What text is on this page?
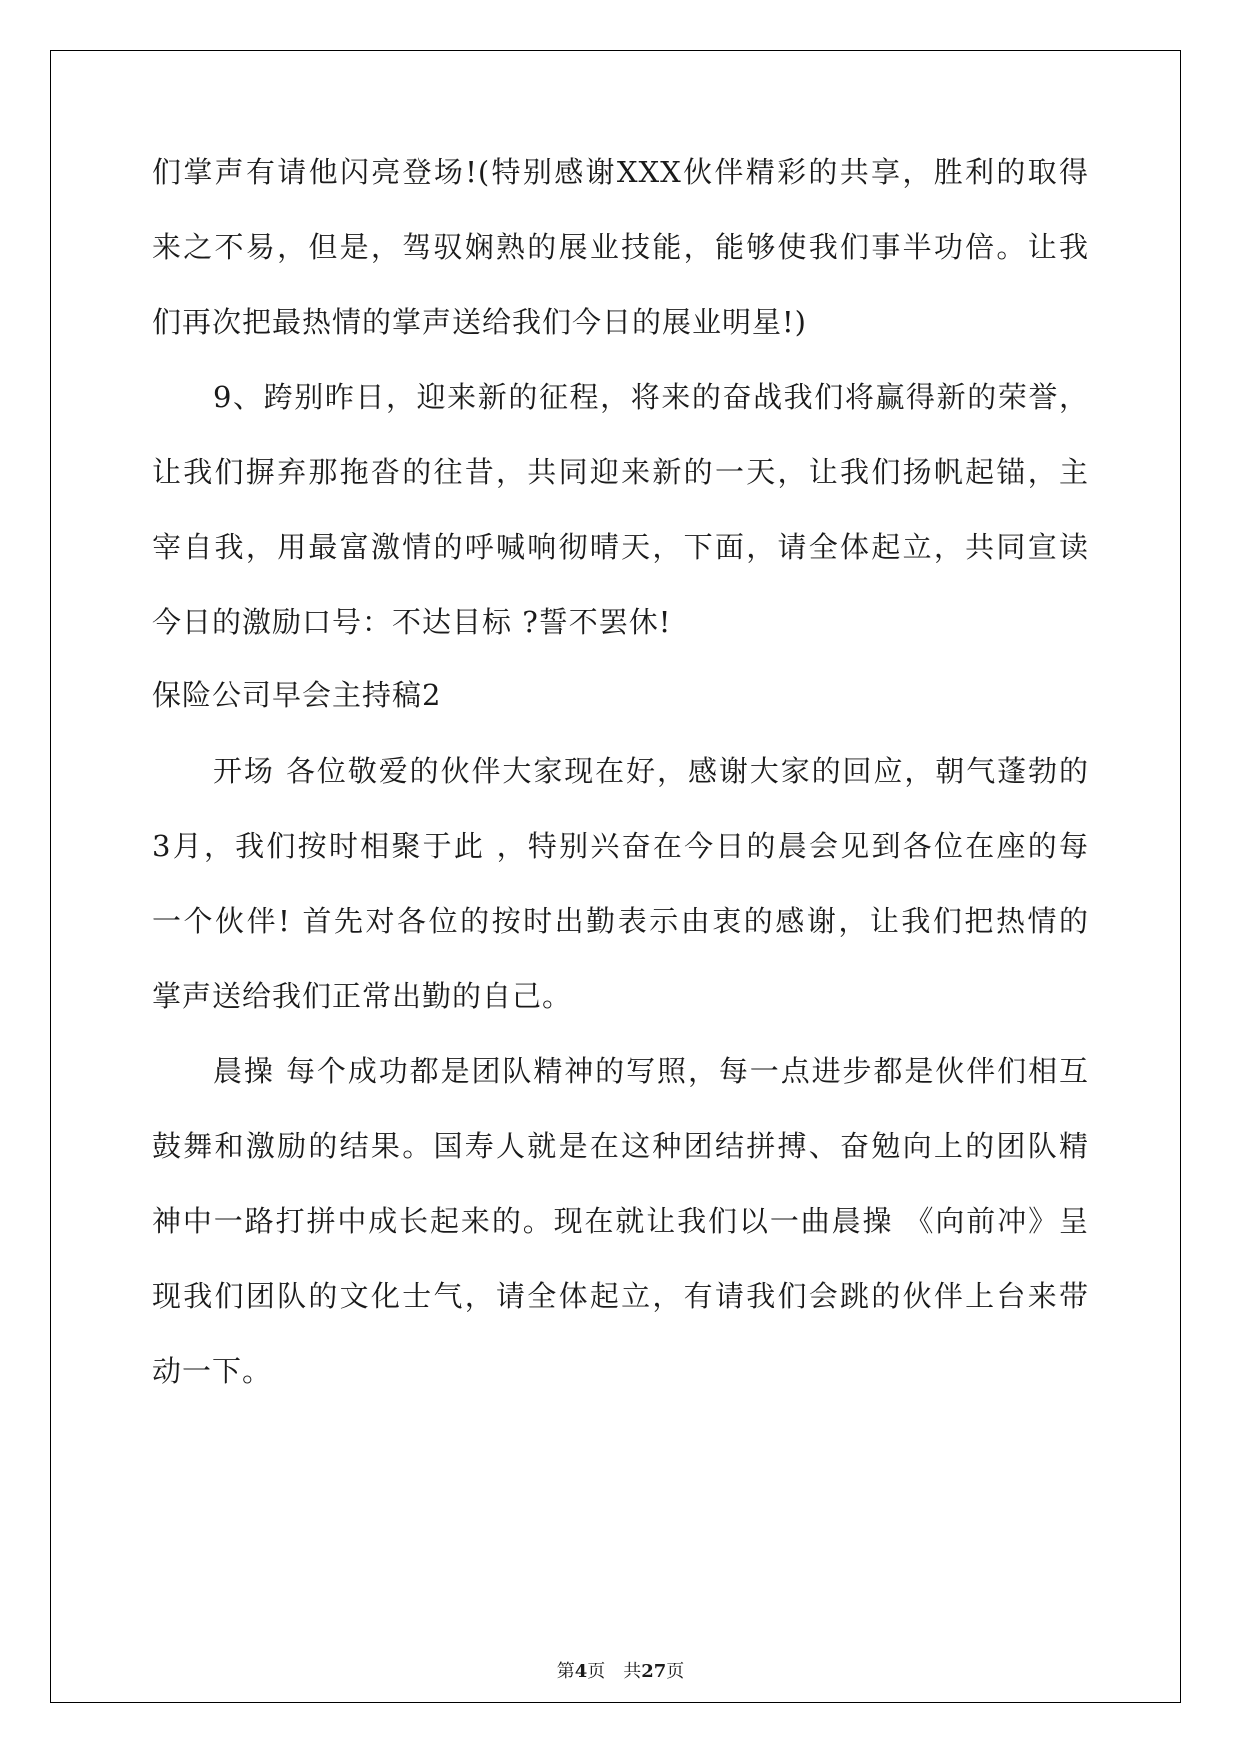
们掌声有请他闪亮登场!(特别感谢XXX伙伴精彩的共享，胜利的取得
来之不易，但是，驾驭娴熟的展业技能，能够使我们事半功倍。让我
们再次把最热情的掌声送给我们今日的展业明星!)
9、跨别昨日，迎来新的征程，将来的奋战我们将赢得新的荣誉，
让我们摒弃那拖沓的往昔，共同迎来新的一天，让我们扬帆起锚，主
宰自我，用最富激情的呼喊响彻晴天，下面，请全体起立，共同宣读
今日的激励口号：不达目标 ?誓不罢休!
保险公司早会主持稿2
开场 各位敬爱的伙伴大家现在好，感谢大家的回应，朝气蓬勃的
3月，我们按时相聚于此 ，特别兴奋在今日的晨会见到各位在座的每
一个伙伴! 首先对各位的按时出勤表示由衷的感谢，让我们把热情的
掌声送给我们正常出勤的自己。
晨操 每个成功都是团队精神的写照，每一点进步都是伙伴们相互
鼓舞和激励的结果。国寿人就是在这种团结拼搏、奋勉向上的团队精
神中一路打拼中成长起来的。现在就让我们以一曲晨操 《向前冲》呈
现我们团队的文化士气，请全体起立，有请我们会跳的伙伴上台来带
动一下。
第4页　共27页
